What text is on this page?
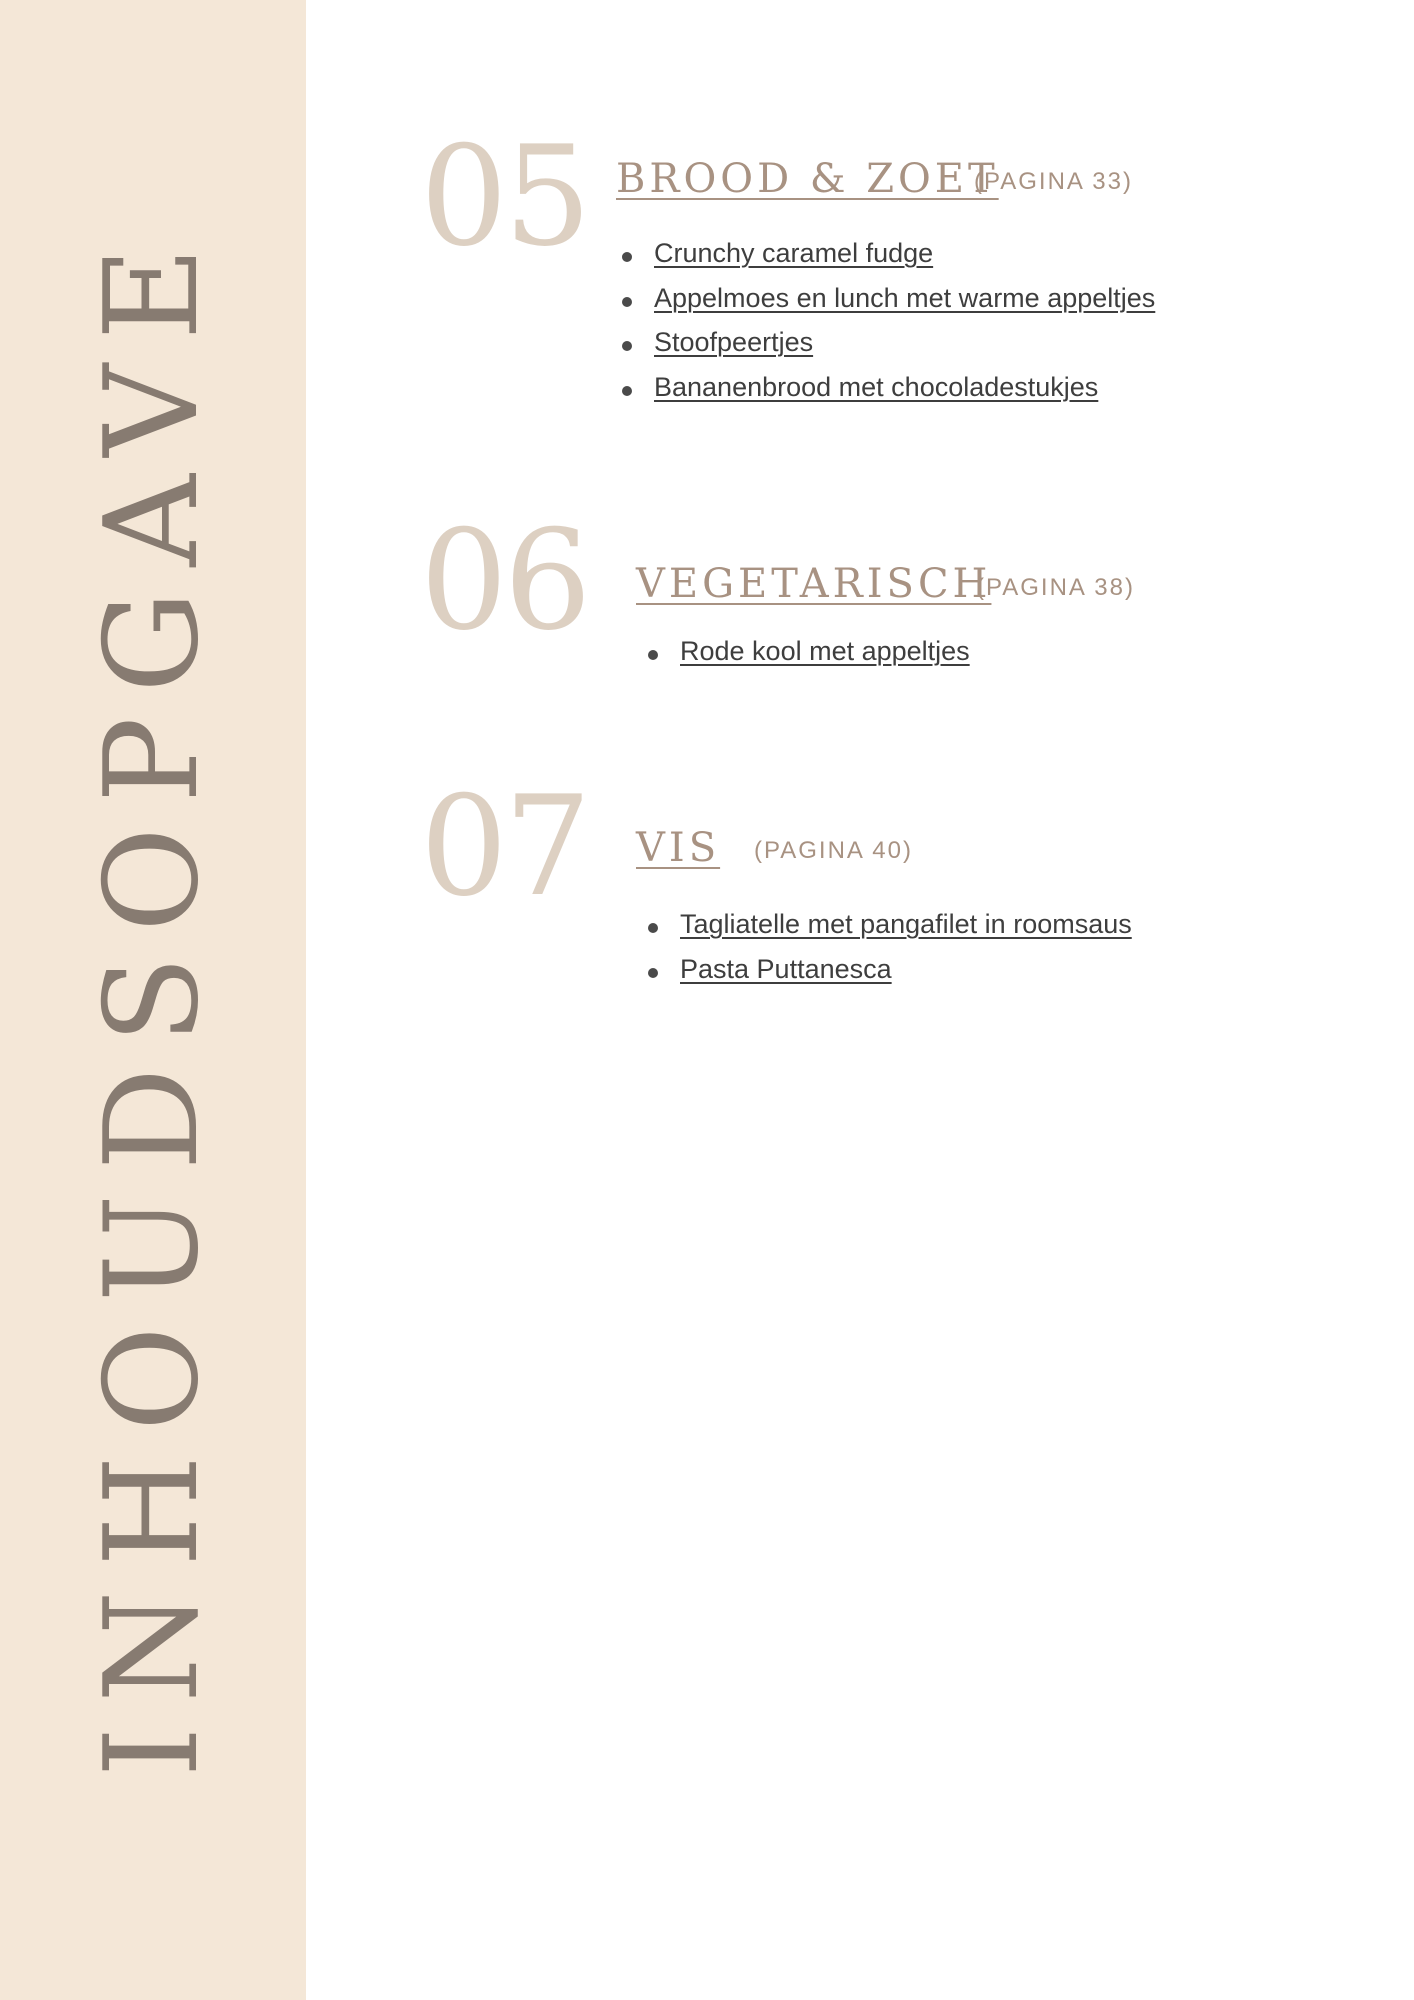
INHOUDSOPGAVE
05 BROOD & ZOET
(PAGINA 33)
Crunchy caramel fudge
Appelmoes en lunch met warme appeltjes
Stoofpeertjes
Bananenbrood met chocoladestukjes
06 VEGETARISCH
(PAGINA 38)
Rode kool met appeltjes
07 VIS (PAGINA 40)
Tagliatelle met pangafilet in roomsaus
Pasta Puttanesca
